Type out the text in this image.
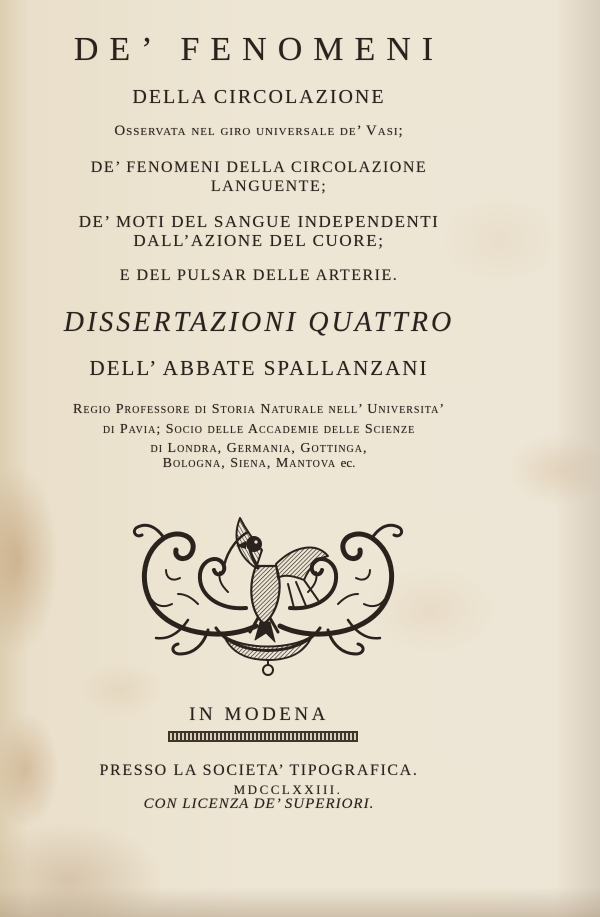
DE’ FENOMENI
DELLA CIRCOLAZIONE
Osservata nel giro universale de’ Vasi;
DE’ FENOMENI DELLA CIRCOLAZIONE
LANGUENTE;
DE’ MOTI DEL SANGUE INDEPENDENTI
DALL’AZIONE DEL CUORE;
E DEL PULSAR DELLE ARTERIE.
DISSERTAZIONI QUATTRO
DELL’ ABBATE SPALLANZANI
Regio Professore di Storia Naturale nell’ Universita’
di Pavia; Socio delle Accademie delle Scienze
di Londra, Germania, Gottinga,
Bologna, Siena, Mantova ec.
IN MODENA
PRESSO LA SOCIETA’ TIPOGRAFICA.
MDCCLXXIII.
CON LICENZA DE’ SUPERIORI.
